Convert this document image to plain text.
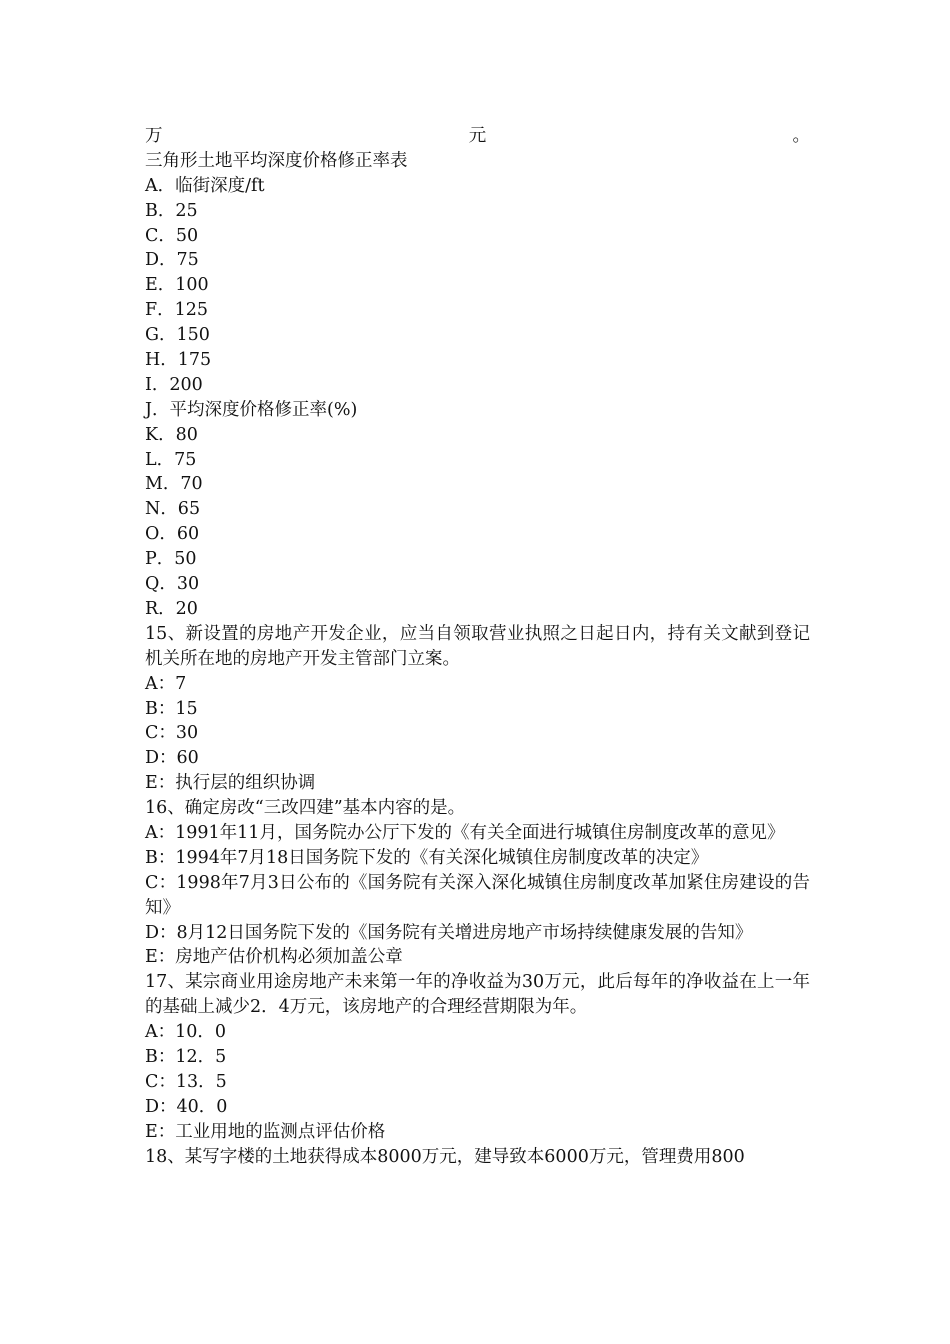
万	元	。
三角形土地平均深度价格修正率表
A．临街深度/ft
B．25
C．50
D．75
E．100
F．125
G．150
H．175
I．200
J．平均深度价格修正率(%)
K．80
L．75
M．70
N．65
O．60
P．50
Q．30
R．20
15、新设置的房地产开发企业，应当自领取营业执照之日起日内，持有关文献到登记机关所在地的房地产开发主管部门立案。
A：7
B：15
C：30
D：60
E：执行层的组织协调
16、确定房改“三改四建”基本内容的是。
A：1991年11月，国务院办公厅下发的《有关全面进行城镇住房制度改革的意见》
B：1994年7月18日国务院下发的《有关深化城镇住房制度改革的决定》
C：1998年7月3日公布的《国务院有关深入深化城镇住房制度改革加紧住房建设的告知》
D：8月12日国务院下发的《国务院有关增进房地产市场持续健康发展的告知》
E：房地产估价机构必须加盖公章
17、某宗商业用途房地产未来第一年的净收益为30万元，此后每年的净收益在上一年的基础上减少2．4万元，该房地产的合理经营期限为年。
A：10．0
B：12．5
C：13．5
D：40．0
E：工业用地的监测点评估价格
18、某写字楼的土地获得成本8000万元，建导致本6000万元，管理费用800
